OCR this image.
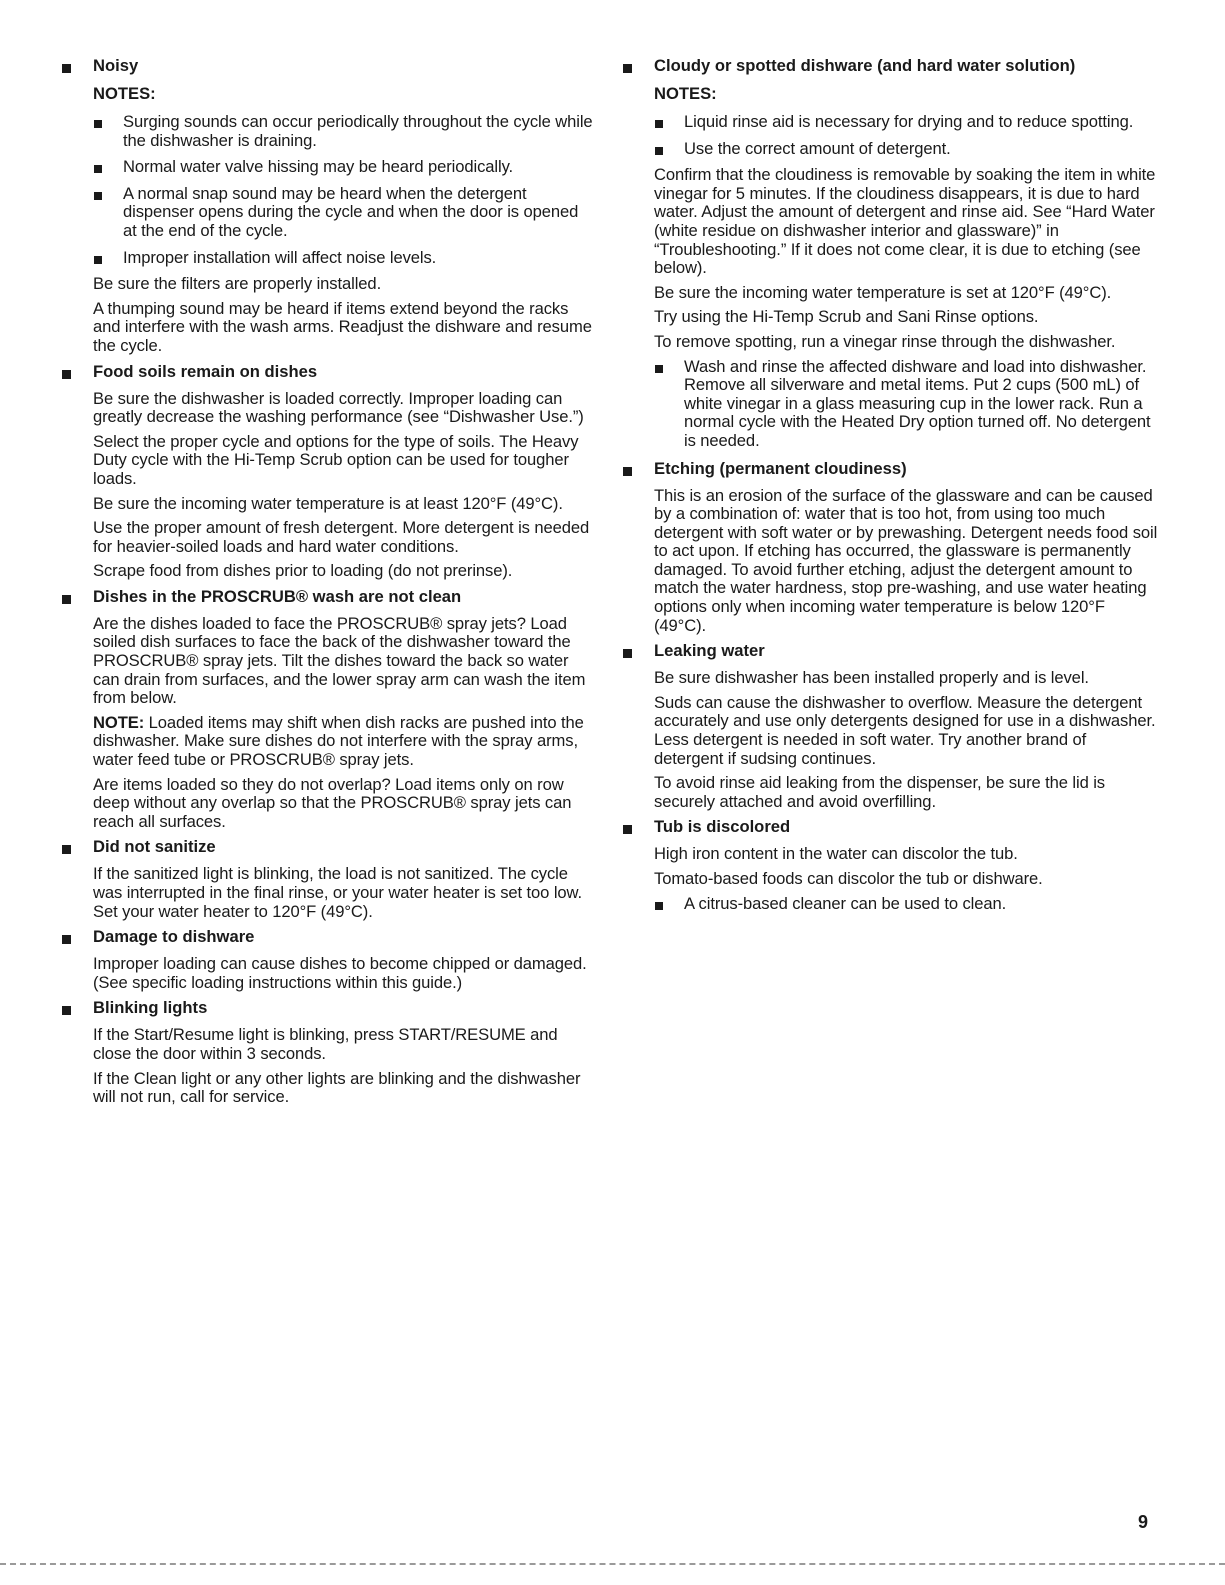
Noisy
NOTES:

Surging sounds can occur periodically throughout the cycle while the dishwasher is draining.

Normal water valve hissing may be heard periodically.

A normal snap sound may be heard when the detergent dispenser opens during the cycle and when the door is opened at the end of the cycle.

Improper installation will affect noise levels.

Be sure the filters are properly installed.

A thumping sound may be heard if items extend beyond the racks and interfere with the wash arms. Readjust the dishware and resume the cycle.

Food soils remain on dishes

Be sure the dishwasher is loaded correctly. Improper loading can greatly decrease the washing performance (see “Dishwasher Use.”)

Select the proper cycle and options for the type of soils. The Heavy Duty cycle with the Hi-Temp Scrub option can be used for tougher loads.

Be sure the incoming water temperature is at least 120°F (49°C).

Use the proper amount of fresh detergent. More detergent is needed for heavier-soiled loads and hard water conditions.

Scrape food from dishes prior to loading (do not prerinse).

Dishes in the PROSCRUB® wash are not clean

Are the dishes loaded to face the PROSCRUB® spray jets? Load soiled dish surfaces to face the back of the dishwasher toward the PROSCRUB® spray jets. Tilt the dishes toward the back so water can drain from surfaces, and the lower spray arm can wash the item from below.

NOTE: Loaded items may shift when dish racks are pushed into the dishwasher. Make sure dishes do not interfere with the spray arms, water feed tube or PROSCRUB® spray jets.

Are items loaded so they do not overlap? Load items only on row deep without any overlap so that the PROSCRUB® spray jets can reach all surfaces.

Did not sanitize

If the sanitized light is blinking, the load is not sanitized. The cycle was interrupted in the final rinse, or your water heater is set too low. Set your water heater to 120°F (49°C).

Damage to dishware

Improper loading can cause dishes to become chipped or damaged. (See specific loading instructions within this guide.)

Blinking lights

If the Start/Resume light is blinking, press START/RESUME and close the door within 3 seconds.

If the Clean light or any other lights are blinking and the dishwasher will not run, call for service.

Cloudy or spotted dishware (and hard water solution)
NOTES:

Liquid rinse aid is necessary for drying and to reduce spotting.

Use the correct amount of detergent.

Confirm that the cloudiness is removable by soaking the item in white vinegar for 5 minutes. If the cloudiness disappears, it is due to hard water. Adjust the amount of detergent and rinse aid. See “Hard Water (white residue on dishwasher interior and glassware)” in “Troubleshooting.” If it does not come clear, it is due to etching (see below).

Be sure the incoming water temperature is set at 120°F (49°C).

Try using the Hi-Temp Scrub and Sani Rinse options.

To remove spotting, run a vinegar rinse through the dishwasher.

Wash and rinse the affected dishware and load into dishwasher. Remove all silverware and metal items. Put 2 cups (500 mL) of white vinegar in a glass measuring cup in the lower rack. Run a normal cycle with the Heated Dry option turned off. No detergent is needed.

Etching (permanent cloudiness)

This is an erosion of the surface of the glassware and can be caused by a combination of: water that is too hot, from using too much detergent with soft water or by prewashing. Detergent needs food soil to act upon. If etching has occurred, the glassware is permanently damaged. To avoid further etching, adjust the detergent amount to match the water hardness, stop pre-washing, and use water heating options only when incoming water temperature is below 120°F (49°C).

Leaking water

Be sure dishwasher has been installed properly and is level.

Suds can cause the dishwasher to overflow. Measure the detergent accurately and use only detergents designed for use in a dishwasher. Less detergent is needed in soft water. Try another brand of detergent if sudsing continues.

To avoid rinse aid leaking from the dispenser, be sure the lid is securely attached and avoid overfilling.

Tub is discolored

High iron content in the water can discolor the tub.

Tomato-based foods can discolor the tub or dishware.

A citrus-based cleaner can be used to clean.

9
